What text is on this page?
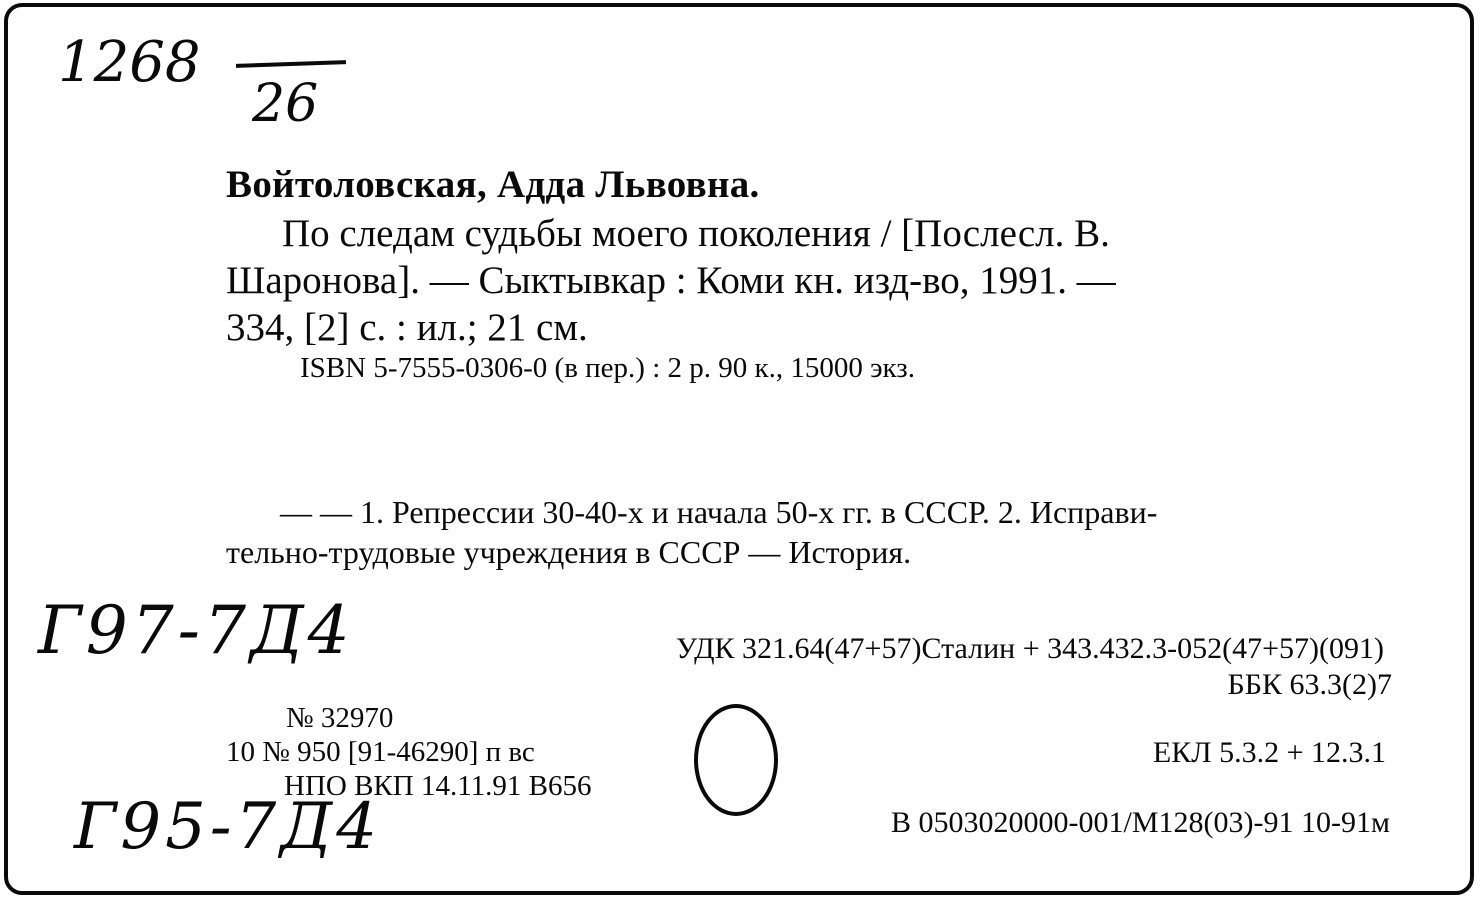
1268
26
Войтоловская, Адда Львовна.
По следам судьбы моего поколения / [Послесл. В.
Шаронова]. — Сыктывкар : Коми кн. изд-во, 1991. —
334, [2] с. : ил.; 21 см.
ISBN 5-7555-0306-0 (в пер.) : 2 р. 90 к., 15000 экз.
— — 1. Репрессии 30-40-х и начала 50-х гг. в СССР. 2. Исправи-
тельно-трудовые учреждения в СССР — История.
Г97-7Д4	УДК 321.64(47+57)Сталин + 343.432.3-052(47+57)(091)
ББК 63.3(2)7
№ 32970
10 № 950 [91-46290] п вс
НПО ВКП 14.11.91 В656
ЕКЛ 5.3.2 + 12.3.1
В 0503020000-001/М128(03)-91 10-91м
Г95-7Д4
